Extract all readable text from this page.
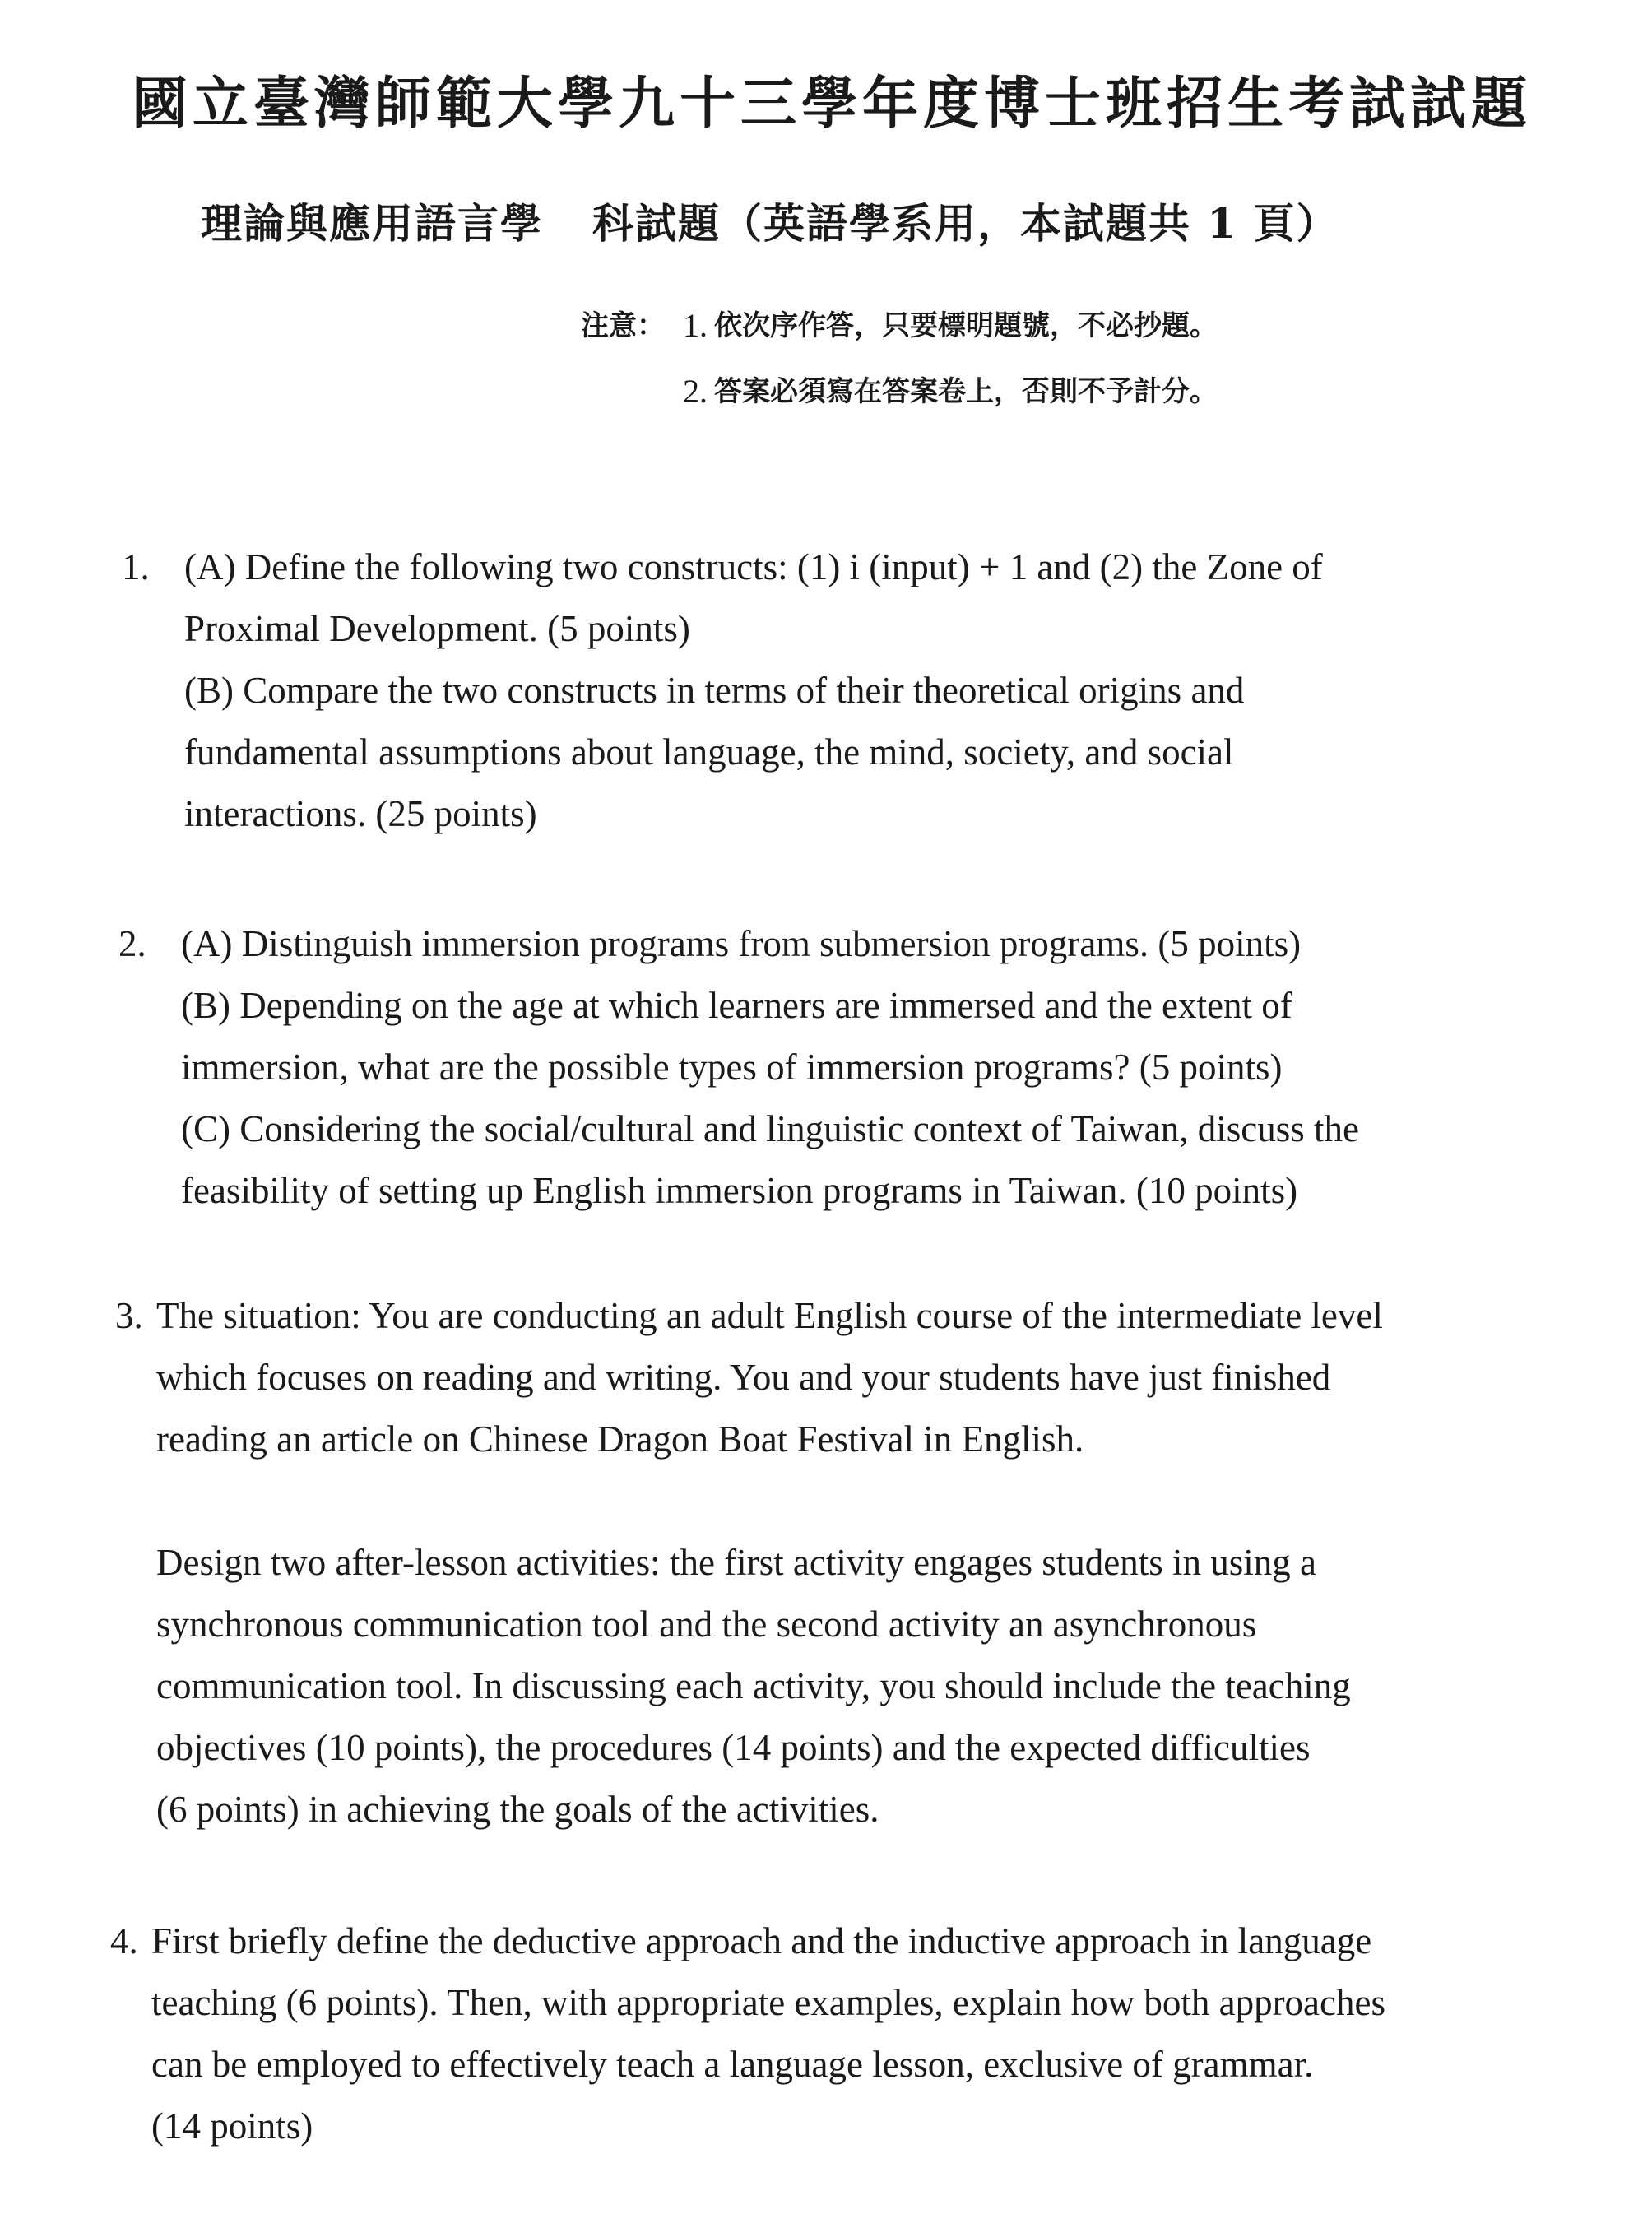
國立臺灣師範大學九十三學年度博士班招生考試試題
理論與應用語言學 科試題（英語學系用，本試題共 1 頁）
注意： 1. 依次序作答，只要標明題號，不必抄題。
2. 答案必須寫在答案卷上，否則不予計分。
1. (A) Define the following two constructs: (1) i (input) + 1 and (2) the Zone of

Proximal Development. (5 points)

(B) Compare the two constructs in terms of their theoretical origins and

fundamental assumptions about language, the mind, society, and social

interactions. (25 points)

2. (A) Distinguish immersion programs from submersion programs. (5 points)

(B) Depending on the age at which learners are immersed and the extent of

immersion, what are the possible types of immersion programs? (5 points)

(C) Considering the social/cultural and linguistic context of Taiwan, discuss the

feasibility of setting up English immersion programs in Taiwan. (10 points)

3. The situation: You are conducting an adult English course of the intermediate level

which focuses on reading and writing. You and your students have just finished

reading an article on Chinese Dragon Boat Festival in English.

Design two after-lesson activities: the first activity engages students in using a

synchronous communication tool and the second activity an asynchronous

communication tool. In discussing each activity, you should include the teaching

objectives (10 points), the procedures (14 points) and the expected difficulties

(6 points) in achieving the goals of the activities.

4. First briefly define the deductive approach and the inductive approach in language

teaching (6 points). Then, with appropriate examples, explain how both approaches

can be employed to effectively teach a language lesson, exclusive of grammar.

(14 points)
